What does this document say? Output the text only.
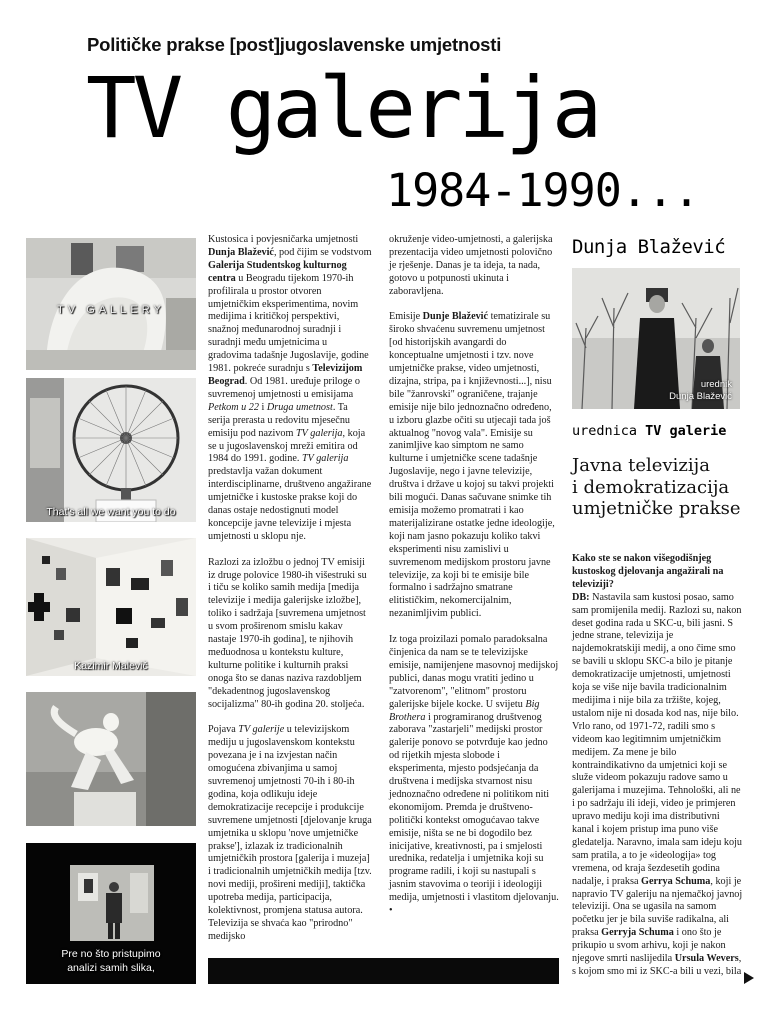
Političke prakse [post]jugoslavenske umjetnosti
TV galerija
1984-1990...
TV GALLERY
That's all we want you to do
Kazimir Malevič
Pre no što pristupimo
analizi samih slika,

Kustosica i povjesničarka umjetnosti Dunja Blažević, pod čijim se vodstvom Galerija Studentskog kulturnog centra u Beogradu tijekom 1970-ih profilirala u prostor otvoren umjetničkim eksperimentima, novim medijima i kritičkoj perspektivi, snažnoj međunarodnoj suradnji i suradnji među umjetnicima u gradovima tadašnje Jugoslavije, godine 1981. pokreće suradnju s Televizijom Beograd. Od 1981. uređuje priloge o suvremenoj umjetnosti u emisijama Petkom u 22 i Druga umetnost. Ta serija prerasta u redovitu mjesečnu emisiju pod nazivom TV galerija, koja se u jugoslavenskoj mreži emitira od 1984 do 1991. godine. TV galerija predstavlja važan dokument interdisciplinarne, društveno angažirane umjetničke i kustoske prakse koji do danas ostaje nedostignuti model koncepcije javne televizije i mjesta umjetnosti u sklopu nje.

Razlozi za izložbu o jednoj TV emisiji iz druge polovice 1980-ih višestruki su i tiču se koliko samih medija [medija televizije i medija galerijske izložbe], toliko i sadržaja [suvremena umjetnost u svom proširenom smislu kakav nastaje 1970-ih godina], te njihovih međuodnosa u kontekstu kulture, kulturne politike i kulturnih praksi onoga što se danas naziva razdobljem "dekadentnog jugoslavenskog socijalizma" 80-ih godina 20. stoljeća.

Pojava TV galerije u televizijskom mediju u jugoslavenskom kontekstu povezana je i na izvjestan način omogućena zbivanjima u samoj suvremenoj umjetnosti 70-ih i 80-ih godina, koja odlikuju ideje demokratizacije recepcije i produkcije suvremene umjetnosti [djelovanje kruga umjetnika u sklopu 'nove umjetničke prakse'], izlazak iz tradicionalnih umjetničkih prostora [galerija i muzeja] i tradicionalnih umjetničkih medija [tzv. novi mediji, prošireni mediji], taktička upotreba medija, participacija, kolektivnost, promjena statusa autora. Televizija se shvaća kao "prirodno" medijsko

okruženje video-umjetnosti, a galerijska prezentacija video umjetnosti polovično je rješenje. Danas je ta ideja, ta nada, gotovo u potpunosti ukinuta i zaboravljena.

Emisije Dunje Blažević tematizirale su široko shvaćenu suvremenu umjetnost [od historijskih avangardi do konceptualne umjetnosti i tzv. nove umjetničke prakse, video umjetnosti, dizajna, stripa, pa i književnosti...], nisu bile "žanrovski" ograničene, trajanje emisije nije bilo jednoznačno određeno, u izboru glazbe očiti su utjecaji tada još aktualnog "novog vala". Emisije su zanimljive kao simptom ne samo kulturne i umjetničke scene tadašnje Jugoslavije, nego i javne televizije, društva i države u kojoj su takvi projekti bili mogući. Danas sačuvane snimke tih emisija možemo promatrati i kao materijalizirane ostatke jedne ideologije, koji nam jasno pokazuju koliko takvi eksperimenti nisu zamislivi u suvremenom medijskom prostoru javne televizije, za koji bi te emisije bile formalno i sadržajno smatrane elitističkim, nekomercijalnim, nezanimljivim publici.

Iz toga proizilazi pomalo paradoksalna činjenica da nam se te televizijske emisije, namijenjene masovnoj medijskoj publici, danas mogu vratiti jedino u "zatvorenom", "elitnom" prostoru galerijske bijele kocke. U svijetu Big Brothera i programiranog društvenog zaborava "zastarjeli" medijski prostor galerije ponovo se potvrđuje kao jedno od rijetkih mjesta slobode i eksperimenta, mjesto podsjećanja da društvena i medijska stvarnost nisu jednoznačno određene ni politikom niti ekonomijom. Premda je društveno-politički kontekst omogućavao takve emisije, ništa se ne bi dogodilo bez inicijative, kreativnosti, pa i smjelosti urednika, redatelja i umjetnika koji su programe radili, i koji su nastupali s jasnim stavovima o teoriji i ideologiji medija, umjetnosti i vlastitom djelovanju. •

Dunja Blažević
urednik
Dunja Blažević
urednica TV galerie
Javna televizija
i demokratizacija
umjetničke prakse
Kako ste se nakon višegodišnjeg kustoskog djelovanja angažirali na televiziji?
DB: Nastavila sam kustosi posao, samo sam promijenila medij. Razlozi su, nakon deset godina rada u SKC-u, bili jasni. S jedne strane, televizija je najdemokratskiji medij, a ono čime smo se bavili u sklopu SKC-a bilo je pitanje demokratizacije umjetnosti, umjetnosti koja se više nije bavila tradicionalnim medijima i nije bila za tržište, kojeg, ustalom nije ni dosada kod nas, nije bilo. Vrlo rano, od 1971-72, radili smo s videom kao legitimnim umjetničkim medijem. Za mene je bilo kontraindikativno da umjetnici koji se služe videom pokazuju radove samo u galerijama i muzejima. Tehnološki, ali ne i po sadržaju ili ideji, video je primjeren upravo mediju koji ima distributivni kanal i kojem pristup ima puno više gledatelja. Naravno, imala sam ideju koju sam pratila, a to je «ideologija» tog vremena, od kraja šezdesetih godina nadalje, i praksa Gerrya Schuma, koji je napravio TV galeriju na njemačkoj javnoj televiziji. Ona se ugasila na samom početku jer je bila suviše radikalna, ali praksa Gerryja Schuma i ono što je prikupio u svom arhivu, koji je nakon njegove smrti naslijedila Ursula Wevers, s kojom smo mi iz SKC-a bili u vezi, bila
